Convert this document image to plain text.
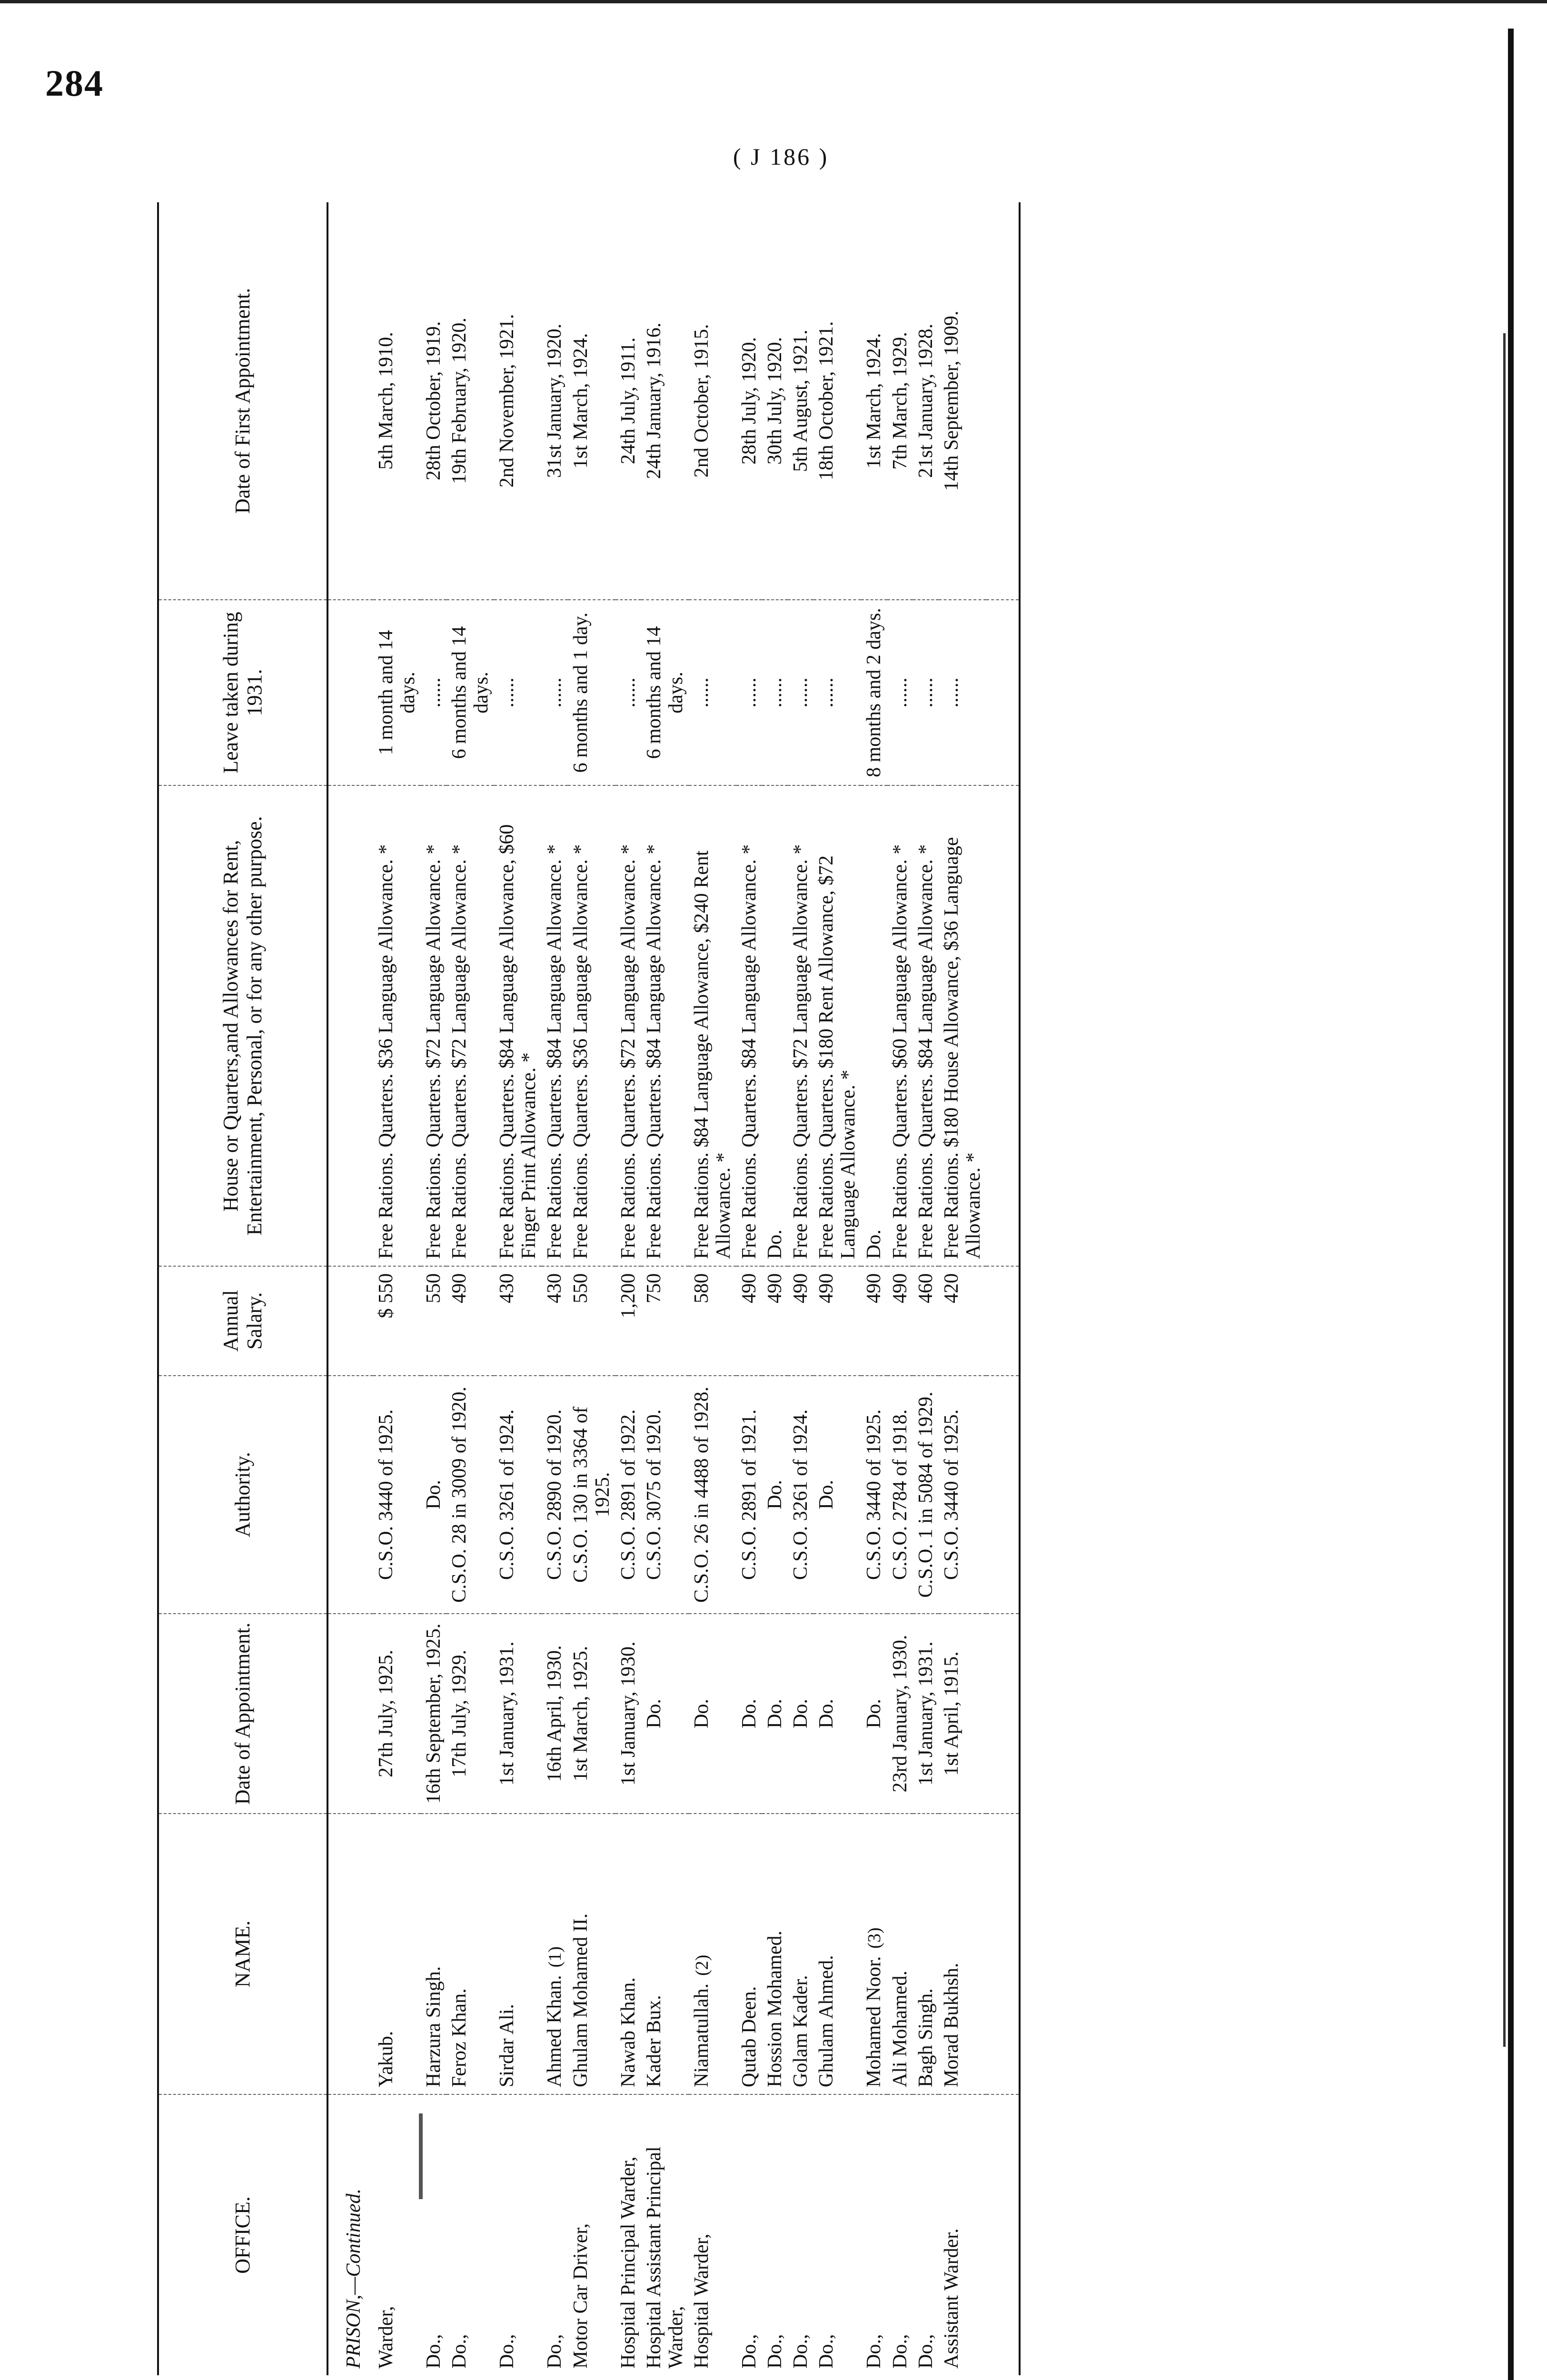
284
( J 186 )
OFFICE.	NAME.	Date of Appointment.	Authority.	Annual Salary.	House or Quarters,and Allowances for Rent, Entertainment, Personal, or for any other purpose.	Leave taken during 1931.	Date of First Appointment.
PRISON,—Continued.							
Warder,	Yakub.	27th July, 1925.	C.S.O. 3440 of 1925.	$ 550	Free Rations. Quarters. $36 Language Allowance. *	1 month and 14 days.	5th March, 1910.
Do.,	Harzura Singh.	16th September, 1925.	Do.	550	Free Rations. Quarters. $72 Language Allowance. *	......	28th October, 1919.
Do.,	Feroz Khan.	17th July, 1929.	C.S.O. 28 in 3009 of 1920.	490	Free Rations. Quarters. $72 Language Allowance. *	6 months and 14 days.	19th February, 1920.
Do.,	Sirdar Ali.	1st January, 1931.	C.S.O. 3261 of 1924.	430	Free Rations. Quarters. $84 Language Allowance, $60 Finger Print Allowance. *	......	2nd November, 1921.
Do.,	Ahmed Khan.(1)	16th April, 1930.	C.S.O. 2890 of 1920.	430	Free Rations. Quarters. $84 Language Allowance. *	......	31st January, 1920.
Motor Car Driver,	Ghulam Mohamed II.	1st March, 1925.	C.S.O. 130 in 3364 of 1925.	550	Free Rations. Quarters. $36 Language Allowance. *	6 months and 1 day.	1st March, 1924.
Hospital Principal Warder,	Nawab Khan.	1st January, 1930.	C.S.O. 2891 of 1922.	1,200	Free Rations. Quarters. $72 Language Allowance. *	......	24th July, 1911.
Hospital Assistant Principal Warder,	Kader Bux.	Do.	C.S.O. 3075 of 1920.	750	Free Rations. Quarters. $84 Language Allowance. *	6 months and 14 days.	24th January, 1916.
Hospital Warder,	Niamatullah.(2)	Do.	C.S.O. 26 in 4488 of 1928.	580	Free Rations. $84 Language Allowance, $240 Rent Allowance. *	......	2nd October, 1915.
Do.,	Qutab Deen.	Do.	C.S.O. 2891 of 1921.	490	Free Rations. Quarters. $84 Language Allowance. *	......	28th July, 1920.
Do.,	Hossion Mohamed.	Do.	Do.	490	Do.	......	30th July, 1920.
Do.,	Golam Kader.	Do.	C.S.O. 3261 of 1924.	490	Free Rations. Quarters. $72 Language Allowance. *	......	5th August, 1921.
Do.,	Ghulam Ahmed.	Do.	Do.	490	Free Rations. Quarters. $180 Rent Allowance, $72 Language Allowance. *	......	18th October, 1921.
Do.,	Mohamed Noor.(3)	Do.	C.S.O. 3440 of 1925.	490	Do.	8 months and 2 days.	1st March, 1924.
Do.,	Ali Mohamed.	23rd January, 1930.	C.S.O. 2784 of 1918.	490	Free Rations. Quarters. $60 Language Allowance. *	......	7th March, 1929.
Do.,	Bagh Singh.	1st January, 1931.	C.S.O. 1 in 5084 of 1929.	460	Free Rations. Quarters. $84 Language Allowance. *	......	21st January, 1928.
Assistant Warder.	Morad Bukhsh.	1st April, 1915.	C.S.O. 3440 of 1925.	420	Free Rations. $180 House Allowance, $36 Language Allowance. *	......	14th September, 1909.
